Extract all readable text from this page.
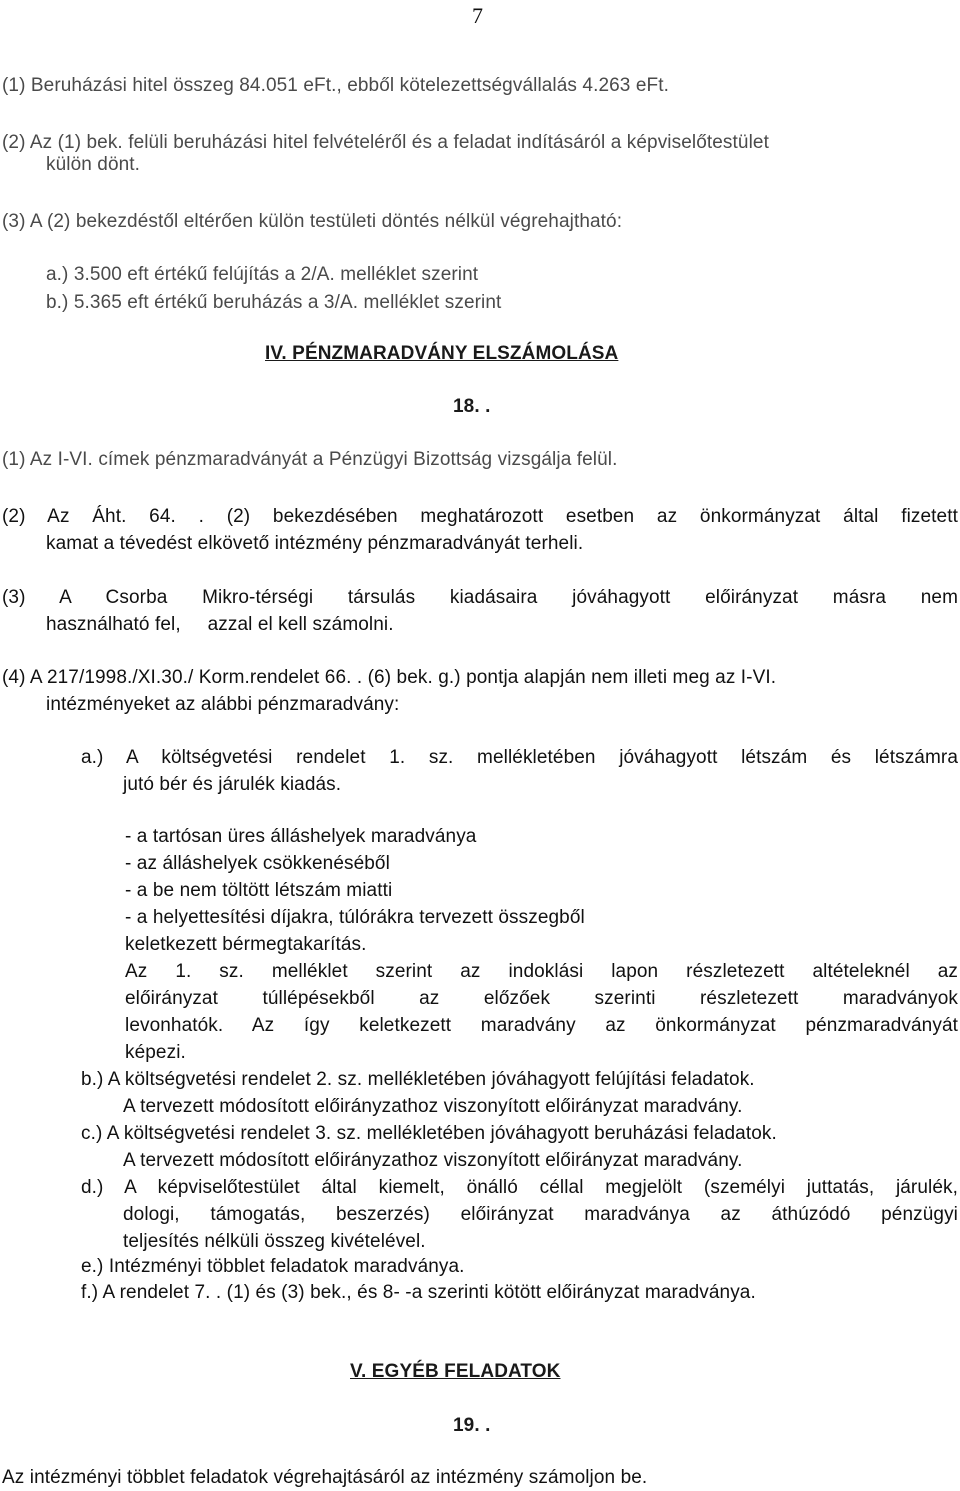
7
(1) Beruházási hitel összeg 84.051 eFt., ebből kötelezettségvállalás 4.263 eFt.
(2) Az (1) bek. felüli beruházási hitel felvételéről és a feladat indításáról a képviselőtestület
külön dönt.
(3) A (2) bekezdéstől eltérően külön testületi döntés nélkül végrehajtható:
a.) 3.500 eft értékű felújítás a 2/A. melléklet szerint
b.) 5.365 eft értékű beruházás a 3/A. melléklet szerint
IV. PÉNZMARADVÁNY ELSZÁMOLÁSA
18. .
(1) Az I-VI. címek pénzmaradványát a Pénzügyi Bizottság vizsgálja felül.
(2) Az Áht. 64. . (2) bekezdésében meghatározott esetben az önkormányzat által fizetett
kamat a tévedést elkövető intézmény pénzmaradványát terheli.
(3) A Csorba Mikro-térségi társulás kiadásaira jóváhagyott előirányzat másra nem
használható fel,     azzal el kell számolni.
(4) A 217/1998./XI.30./ Korm.rendelet 66. . (6) bek. g.) pontja alapján nem illeti meg az I-VI.
intézményeket az alábbi pénzmaradvány:
a.) A költségvetési rendelet 1. sz. mellékletében jóváhagyott létszám és létszámra
jutó bér és járulék kiadás.
- a tartósan üres álláshelyek maradványa
- az álláshelyek csökkenéséből
- a be nem töltött létszám miatti
- a helyettesítési díjakra, túlórákra tervezett összegből
keletkezett bérmegtakarítás.
Az 1. sz. melléklet szerint az indoklási lapon részletezett altételeknél az
előirányzat túllépésekből az előzőek szerinti részletezett maradványok
levonhatók. Az így keletkezett maradvány az önkormányzat pénzmaradványát
képezi.
b.) A költségvetési rendelet 2. sz. mellékletében jóváhagyott felújítási feladatok.
A tervezett módosított előirányzathoz viszonyított előirányzat maradvány.
c.) A költségvetési rendelet 3. sz. mellékletében jóváhagyott beruházási feladatok.
A tervezett módosított előirányzathoz viszonyított előirányzat maradvány.
d.) A képviselőtestület által kiemelt, önálló céllal megjelölt (személyi juttatás, járulék,
dologi, támogatás, beszerzés) előirányzat maradványa az áthúzódó pénzügyi
teljesítés nélküli összeg kivételével.
e.) Intézményi többlet feladatok maradványa.
f.) A rendelet 7. . (1) és (3) bek., és 8- -a szerinti kötött előirányzat maradványa.
V. EGYÉB FELADATOK
19. .
Az intézményi többlet feladatok végrehajtásáról az intézmény számoljon be.
